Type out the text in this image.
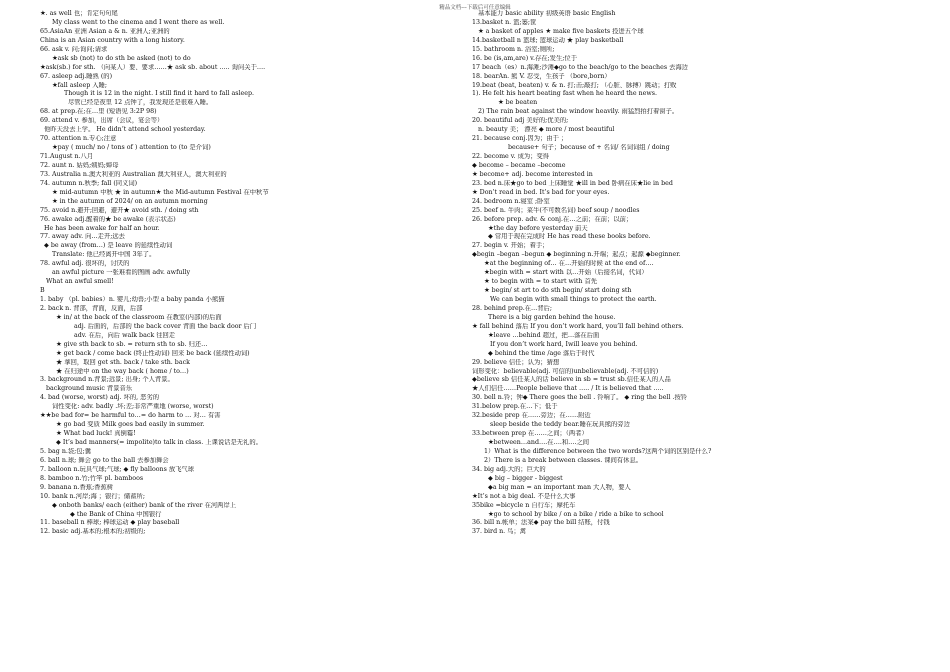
精品文档---下载后可任意编辑
★. as well 也；肯定句句尾
My class went to the cinema and I went there as well.
65.AsiaAn 亚洲 Asian a & n. 亚洲人;亚洲的
China is an Asian country with a long history.
66. ask v. 问;询问;请求
★ask sb (not) to do sth be asked (not) to do
★ask(sb.) for sth. （向某人）要、要求……★ ask sb. about ….. 询问关于….
67. asleep adj.睡熟 (的)
★fall asleep 入睡;
Though it is 12 in the night. I still find it hard to fall asleep.
尽管已经是夜里 12 点钟了，我发现还是很难入睡。
68. at prep.在;在…里 (短语见 3:2P 98)
69. attend v. 参加，出席（会议，宴会等）
他昨天没去上学。 He didn’t attend school yesterday.
70. attention n.专心;注意
★pay ( much/ no / tons of ) attention to (to 是介词)
71.August n.八月
72. aunt n. 姑妈;姨妈;婶母
73. Australia n.澳大利亚的 Australian 澳大利亚人，澳大利亚的
74. autumn n.秋季; fall (同义词)
★ mid-autumn 中秋 ★ in autumn★ the Mid-autumn Festival 在中秋节
★ in the autumn of 2024/ on an autumn morning
75. avoid n.避开;回避，避开★ avoid sth. / doing sth
76. awake adj.醒着的★ be awake (表示状态)
He has been awake for half an hour.
77. away adv. 向…走开;远去
◆ be away (from…) 是 leave 的延续性动词
Translate: 他已经离开中国 3年了。
78. awful adj. 很坏的，讨厌的
an awful picture 一张难看的图画 adv. awfully
What an awful smell!
B
1. baby （pl. babies）n. 婴儿;幼兽;小型 a baby panda 小熊猫
2. back n. 背部，背面，反面，后部
★ in/ at the back of the classroom 在教室(内部)的后面
adj. 后面的，后部的 the back cover 背面 the back door 后门
adv. 在后，向后 walk back 往回走
★ give sth back to sb. = return sth to sb. 归还…
★ get back / come back (终止性动词) 回来 be back (延续性动词)
★ 拿回，取回 get sth. back / take sth. back
★ 在归途中 on the way back ( home / to…)
3. background n.背景;远景; 出身; 个人背景。
background music 背景音乐
4. bad (worse, worst) adj. 坏的, 恶劣的
词性变化: adv. badly .坏;差;非常严重地 (worse, worst)
★★be bad for= be harmful to…= do harm to … 对… 有害
★ go bad 变质 Milk goes bad easily in summer.
★ What bad luck! 真倒霉!
◆ It’s bad manners(= impolite)to talk in class. 上课说话是无礼的。
5. bag n.袋;包;囊
6. ball n.球; 舞会 go to the ball 去参加舞会
7. balloon n.玩具气球;气球; ◆ fly balloons 放飞气球
8. bamboo n.竹;竹竿 pl. bamboos
9. banana n.香蕉;香蕉树
10. bank n.河岸;海 ；银行；储蓄所;
◆ onboth banks/ each (either) bank of the river 在河两岸上
◆ the Bank of China 中国银行
11. baseball n 棒球; 棒球运动 ◆ play baseball
12. basic adj.基本的;根本的;初级的;
基本能力 basic ability 初级英语 basic English
13.basket n. 篮;篓;筐
★ a basket of apples ★ make five baskets 投进五个球
14.basketball n 篮球; 篮球运动 ★ play basketball
15. bathroom n. 浴室;厕所;
16. be (is,am,are) v.存在;发生;位于
17 beach（es）n.海滩;沙滩◆go to the beach/go to the beaches 去海边
18. bearAn. 熊 V. 忍受，生孩子 （bore,born）
19.beat (beat, beaten) v. & n. 打;击;敲打; （心脏、脉搏）跳动；打败
1). He felt his heart beating fast when he heard the news.
★ be beaten
2) The rain beat against the window heavily. 雨猛烈拍打着窗子。
20. beautiful adj 美好的;优美的;
n. beauty 美； 漂亮 ◆ more / most beautiful
21. because conj.因为；由于 ；
because+ 句子；because of + 名词/ 名词词组 / doing
22. become v. 成为；变得
◆ become – became –become
★ become+ adj. become interested in
23. bed n.床★go to bed 上床睡觉 ★ill in bed 卧病在床★lie in bed
★ Don’t read in bed. It’s bad for your eyes.
24. bedroom n.寝室 ;卧室
25. beef n. 牛肉；菜牛(不可数名词) beef soup / noodles
26. before prep. adv. & conj.在…之前；在前；以前；
★the day before yesterday 前天
◆ 常用于现在完成时 He has read these books before.
27. begin v. 开始；着手；
◆begin –began –begun ◆ beginning n.开端；起点；起源 ◆beginner.
★at the beginning of… 在…开始的时候 at the end of….
★begin with = start with 以…开始（后接名词，代词）
★ to begin with = to start with 首先
★ begin/ st art to do sth begin/ start doing sth
We can begin with small things to protect the earth.
28. behind prep.在…背后;
There is a big garden behind the house.
★ fall behind 落后 If you don’t work hard, you’ll fall behind others.
★leave …behind 超过，把…落在后面
If you don’t work hard, Iwill leave you behind.
◆ behind the time /age 落后于时代
29. believe 信任；认为；猜想
词形变化：believable(adj. 可信的)unbelievable(adj. 不可信的)
◆believe sb 信任某人的话 believe in sb = trust sb.信任某人的人品
★人们信任……People believe that ….. / It is believed that …..
30. bell n.铃；钟◆ There goes the bell . 铃响了。 ◆ ring the bell .按铃
31.below prep.在…下；低于
32.beside prep 在……旁边；在……附近
sleep beside the teddy bear.睡在玩具熊的旁边
33.between prep 在……之间；（两者）
★between…and….在….和….之间
1）What is the difference between the two words?这两个词的区别是什么?
2）There is a break between classes. 课间有休息。
34. big adj.大的；巨大的
◆ big – bigger - biggest
◆a big man = an important man 大人物，要人
★It’s not a big deal. 不是什么大事
35bike =bicycle n 自行车；摩托车
★go to school by bike / on a bike / ride a bike to school
36. bill n.帐单；法案◆ pay the bill 结账，付钱
37. bird n. 鸟；禽
